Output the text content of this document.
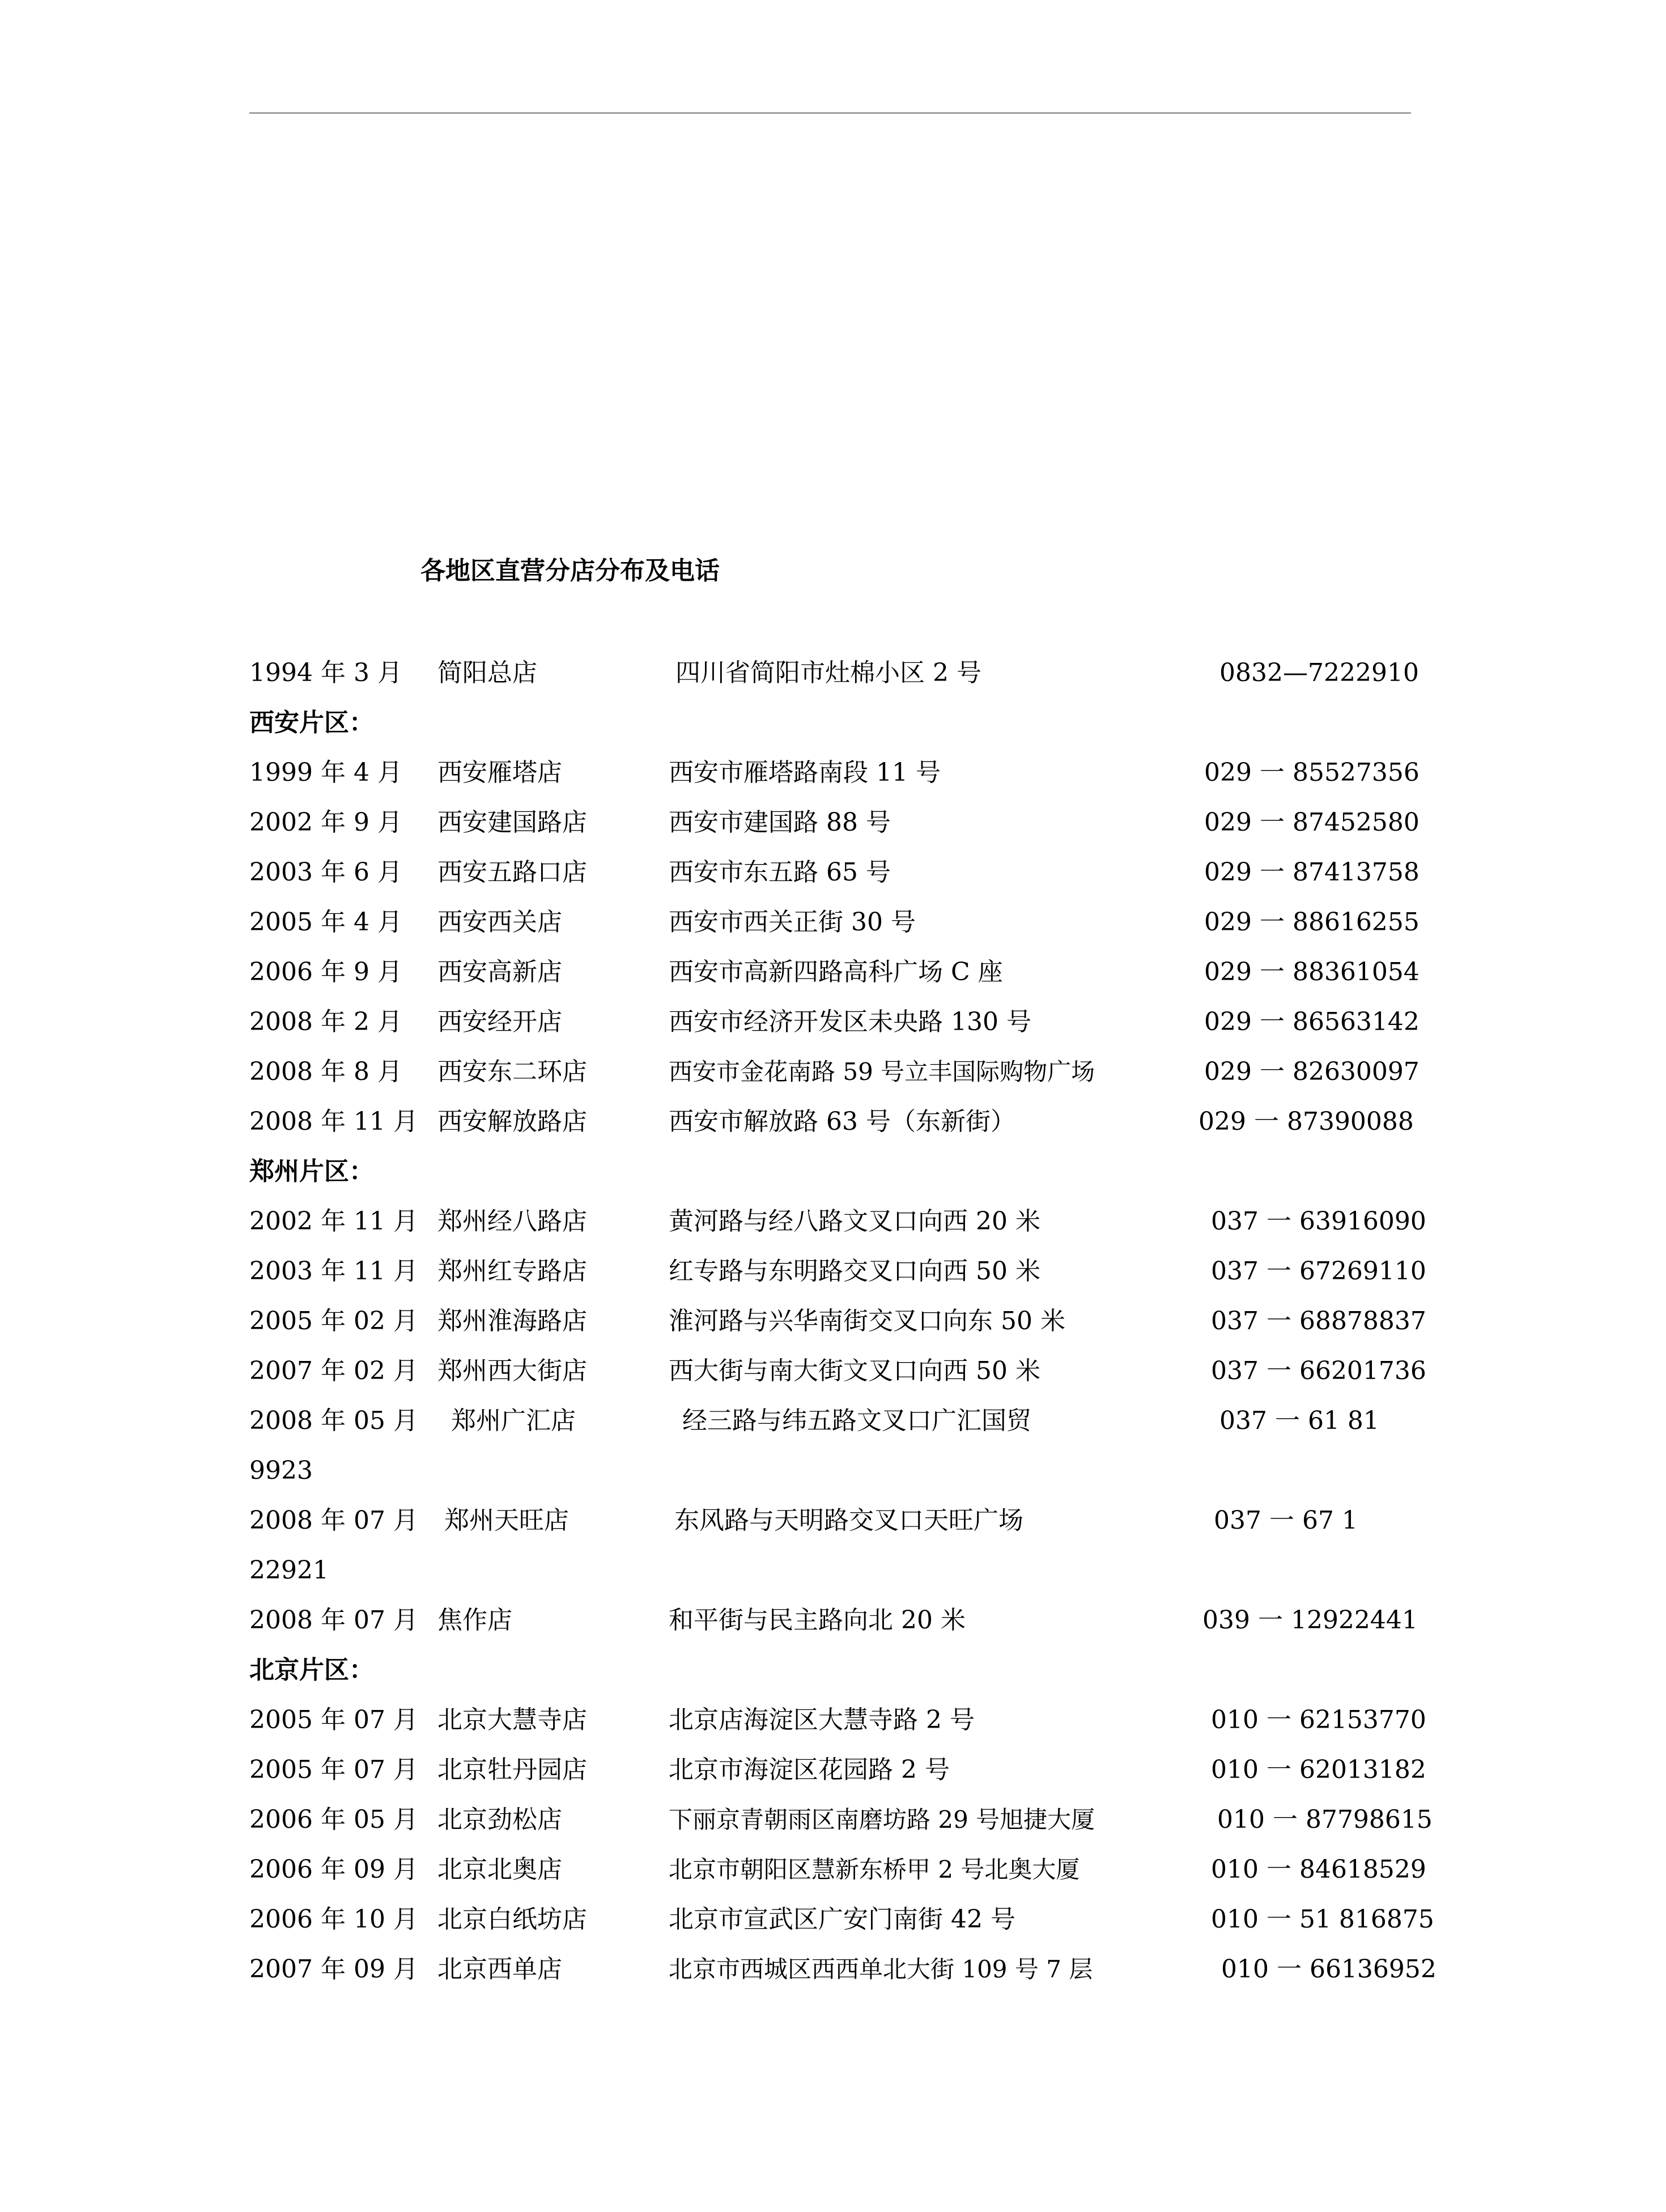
各地区直营分店分布及电话
1994 年 3 月 简阳总店	四川省简阳市灶棉小区 2 号	0832—7222910
西安片区：
1999 年 4 月 西安雁塔店	西安市雁塔路南段 11 号	029 一 85527356
2002 年 9 月 西安建国路店	西安市建国路 88 号	029 一 87452580
2003 年 6 月 西安五路口店	西安市东五路 65 号	029 一 87413758
2005 年 4 月 西安西关店	西安市西关正街 30 号	029 一 88616255
2006 年 9 月 西安高新店	西安市高新四路高科广场 C 座	029 一 88361054
2008 年 2 月 西安经开店	西安市经济开发区未央路 130 号	029 一 86563142
2008 年 8 月 西安东二环店	西安市金花南路 59 号立丰国际购物广场	029 一 82630097
2008 年 11 月 西安解放路店	西安市解放路 63 号（东新街）	029 一 87390088
郑州片区：
2002 年 11 月 郑州经八路店	黄河路与经八路文叉口向西 20 米	037 一 63916090
2003 年 11 月 郑州红专路店	红专路与东明路交叉口向西 50 米	037 一 67269110
2005 年 02 月 郑州淮海路店	淮河路与兴华南街交叉口向东 50 米	037 一 68878837
2007 年 02 月 郑州西大街店	西大街与南大街文叉口向西 50 米	037 一 66201736
2008 年 05 月 郑州广汇店	经三路与纬五路文叉口广汇国贸	037 一 61 81
9923
2008 年 07 月 郑州天旺店	东风路与天明路交叉口天旺广场	037 一 67 1
22921
2008 年 07 月 焦作店	和平街与民主路向北 20 米	039 一 12922441
北京片区：
2005 年 07 月 北京大慧寺店	北京店海淀区大慧寺路 2 号	010 一 62153770
2005 年 07 月 北京牡丹园店	北京市海淀区花园路 2 号	010 一 62013182
2006 年 05 月 北京劲松店	下丽京青朝雨区南磨坊路 29 号旭捷大厦	010 一 87798615
2006 年 09 月 北京北奥店	北京市朝阳区慧新东桥甲 2 号北奥大厦	010 一 84618529
2006 年 10 月 北京白纸坊店	北京市宣武区广安门南街 42 号	010 一 51 816875
2007 年 09 月 北京西单店	北京市西城区西西单北大街 109 号 7 层	010 一 66136952
